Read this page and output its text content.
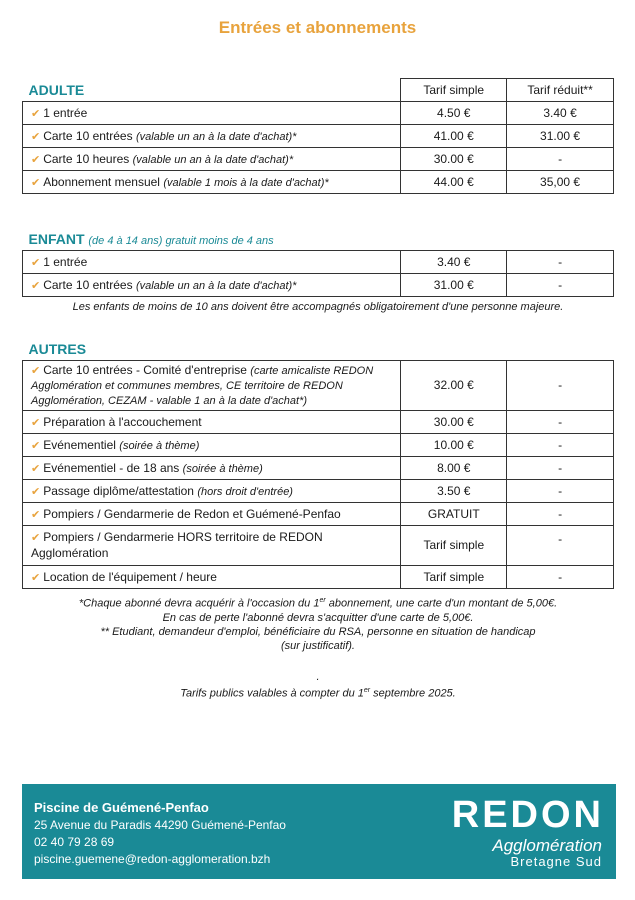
Entrées et abonnements
ADULTE	Tarif simple	Tarif réduit**
✔ 1 entrée	4.50 €	3.40 €
✔ Carte 10 entrées (valable un an à la date d'achat)*	41.00 €	31.00 €
✔ Carte 10 heures (valable un an à la date d'achat)*	30.00 €	-
✔ Abonnement mensuel (valable 1 mois à la date d'achat)*	44.00 €	35,00 €
ENFANT (de 4 à 14 ans) gratuit moins de 4 ans		
✔ 1 entrée	3.40 €	-
✔ Carte 10 entrées (valable un an à la date d'achat)*	31.00 €	-
Les enfants de moins de 10 ans doivent être accompagnés obligatoirement d'une personne majeure.
AUTRES		
✔ Carte 10 entrées - Comité d'entreprise (carte amicaliste REDON Agglomération et communes membres, CE territoire de REDON Agglomération, CEZAM - valable 1 an à la date d'achat*)	32.00 €	-
✔ Préparation à l'accouchement	30.00 €	-
✔ Evénementiel (soirée à thème)	10.00 €	-
✔ Evénementiel - de 18 ans (soirée à thème)	8.00 €	-
✔ Passage diplôme/attestation (hors droit d'entrée)	3.50 €	-
✔ Pompiers / Gendarmerie de Redon et Guémené-Penfao	GRATUIT	-
✔ Pompiers / Gendarmerie HORS territoire de REDON Agglomération	Tarif simple	-
✔ Location de l'équipement / heure	Tarif simple	-
*Chaque abonné devra acquérir à l'occasion du 1er abonnement, une carte d'un montant de 5,00€.
En cas de perte l'abonné devra s'acquitter d'une carte de 5,00€.
** Etudiant, demandeur d'emploi, bénéficiaire du RSA, personne en situation de handicap
(sur justificatif).
.
Tarifs publics valables à compter du 1er septembre 2025.
Piscine de Guémené-Penfao
25 Avenue du Paradis 44290 Guémené-Penfao
02 40 79 28 69
piscine.guemene@redon-agglomeration.bzh
REDON
Agglomération
Bretagne Sud
